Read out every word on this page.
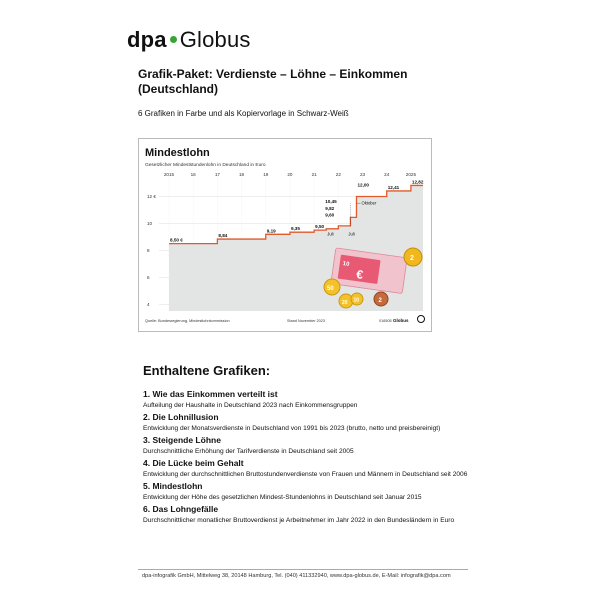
dpa Globus
Grafik-Paket: Verdienste – Löhne – Einkommen (Deutschland)
6 Grafiken in Farbe und als Kopiervorlage in Schwarz-Weiß
Mindestlohn
Gesetzlicher Mindeststundenlohn in Deutschland in Euro
2015	16	17	18	19	20	21	22	23	24	2025
12 €
10
8
6
4
8,50 €
8,84
9,19	9,35	9,50
10,45
9,82
9,60
12,00
12,41
12,82
Juli	Juli
Oktober
10
€
2
50
20 10	2
Quelle: Bundesregierung, Mindestlohnkommission	Stand November 2023	016505 Globus
Enthaltene Grafiken:
1. Wie das Einkommen verteilt ist
Aufteilung der Haushalte in Deutschland 2023 nach Einkommensgruppen
2. Die Lohnillusion
Entwicklung der Monatsverdienste in Deutschland von 1991 bis 2023 (brutto, netto und preisbereinigt)
3. Steigende Löhne
Durchschnittliche Erhöhung der Tarifverdienste in Deutschland seit 2005
4. Die Lücke beim Gehalt
Entwicklung der durchschnittlichen Bruttostundenverdienste von Frauen und Männern in Deutschland seit 2006
5. Mindestlohn
Entwicklung der Höhe des gesetzlichen Mindest-Stundenlohns in Deutschland seit Januar 2015
6. Das Lohngefälle
Durchschnittlicher monatlicher Bruttoverdienst je Arbeitnehmer im Jahr 2022 in den Bundesländern in Euro
dpa-infografik GmbH, Mittelweg 38, 20148 Hamburg, Tel. (040) 411332940, www.dpa-globus.de, E-Mail: infografik@dpa.com
